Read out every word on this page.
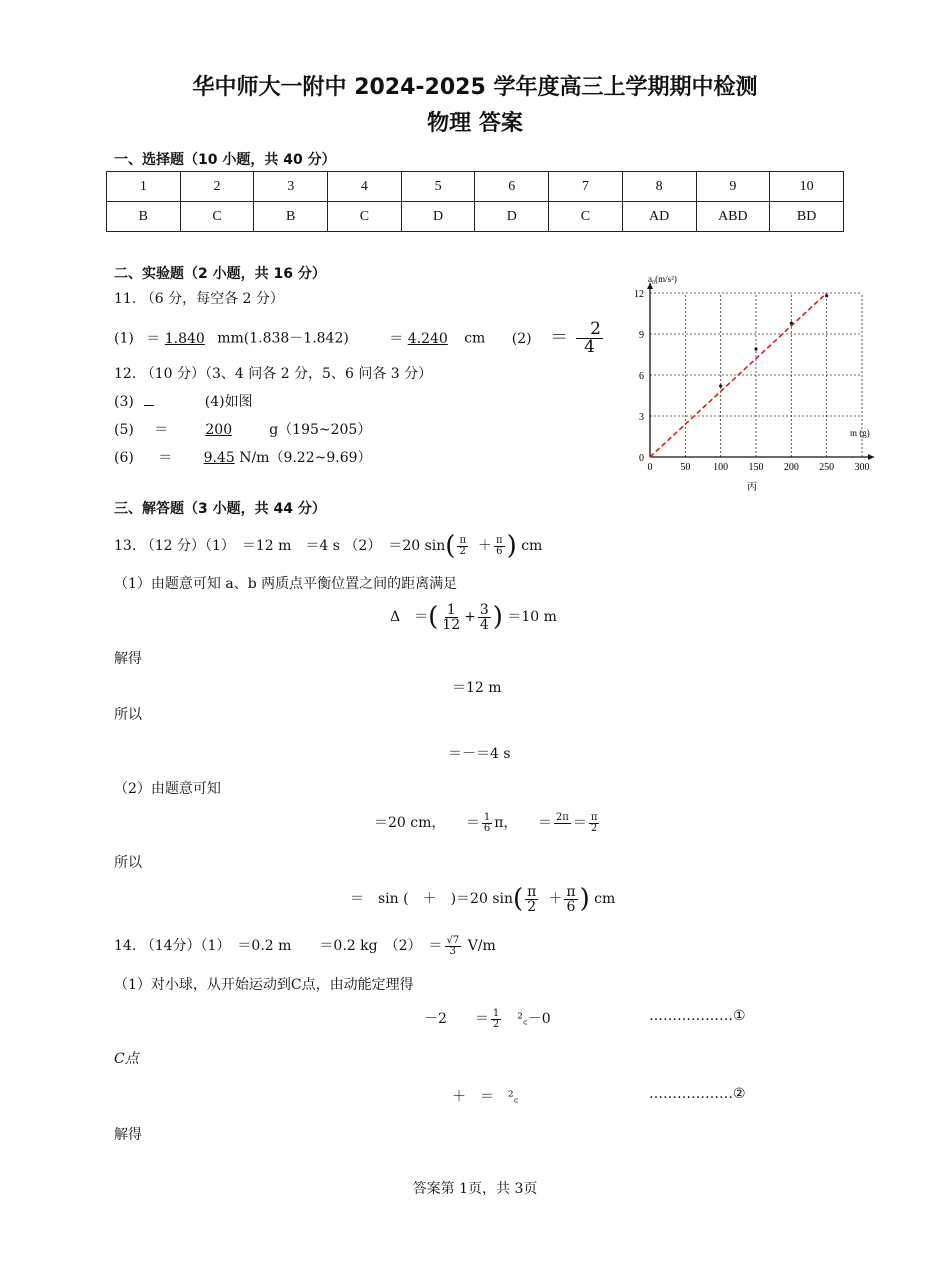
华中师大一附中 2024-2025 学年度高三上学期期中检测
物理 答案
一、选择题（10 小题，共 40 分）
1	2	3	4	5	6	7	8	9	10
B	C	B	C	D	D	C	AD	ABD	BD
二、实验题（2 小题，共 16 分）
11. （6 分，每空各 2 分）
(1) ＝ 1.840 mm(1.838－1.842)	＝ 4.240 cm $(2) = \frac{2}{4}$
12. （10 分）（3、4 问各 2 分，5、6 问各 3 分）
(3)	(4)如图
(5) ＝	200	g（195~205）
(6) ＝ 9.45 N/m（9.22~9.69）
0	50 100 150 200 250 300
3
6
9
12
0
a₀(m/s²)
m (g)
丙
三、解答题（3 小题，共 44 分）
13. （12 分）（1）　＝12 m　＝4 s （2）　＝20 $\sin( \frac{\pi}{2} + \frac{\pi}{6}$ ) cm
（1）由题意可知 a、b 两质点平衡位置之间的距离满足
Δ　＝( $\frac{1}{12} + \frac{3}{4}$ ) ＝10 m
解得
＝12 m
所以
＝－＝4 s
（2）由题意可知
＝20 cm， ＝ $\frac{1}{6}$ π， ＝ $2\pi = \frac{\pi}{2}$
所以
＝　sin (　＋　)＝20 $\sin( \frac{\pi}{2} + \frac{\pi}{6}$ ) cm
14. （14分）（1）　＝0.2 m　　＝0.2 kg　（2）　＝ $\frac{√7}{3} V/m$
（1）对小球，从开始运动到C点，由动能定理得
－2　　＝ $\frac{1}{2}$ 　²꜀－0	………………①
C点
＋　＝　²꜀	………………②
解得
答案第 1页，共 3页
